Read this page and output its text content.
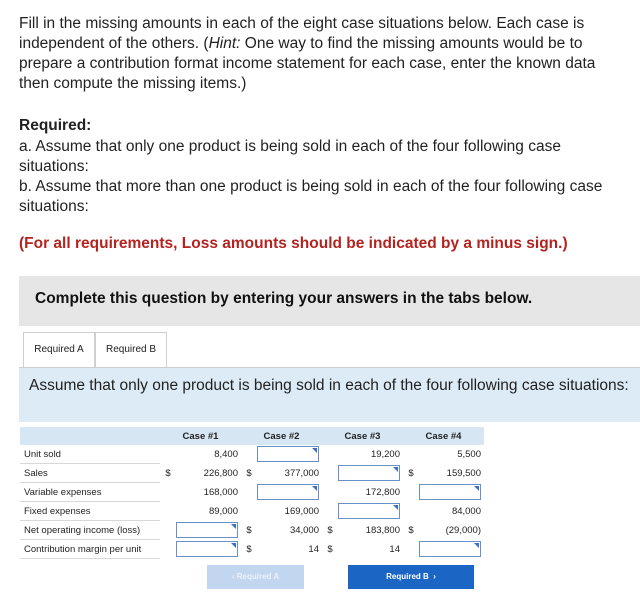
Fill in the missing amounts in each of the eight case situations below. Each case is
independent of the others. (Hint: One way to find the missing amounts would be to
prepare a contribution format income statement for each case, enter the known data
then compute the missing items.)
Required:
a. Assume that only one product is being sold in each of the four following case
situations:
b. Assume that more than one product is being sold in each of the four following case
situations:
(For all requirements, Loss amounts should be indicated by a minus sign.)
Complete this question by entering your answers in the tabs below.
Required A	Required B
Assume that only one product is being sold in each of the four following case situations:
	Case #1		Case #2		Case #3		Case #4	
Unit sold		8,400				19,200		5,500

Sales	$	226,800	$	377,000			$	159,500

Variable expenses		168,000				172,800		

Fixed expenses		89,000		169,000				84,000

Net operating income (loss)			$	34,000	$	183,800	$	(29,000)

Contribution margin per unit			$	14	$	14		

‹ Required A	Required B  ›
